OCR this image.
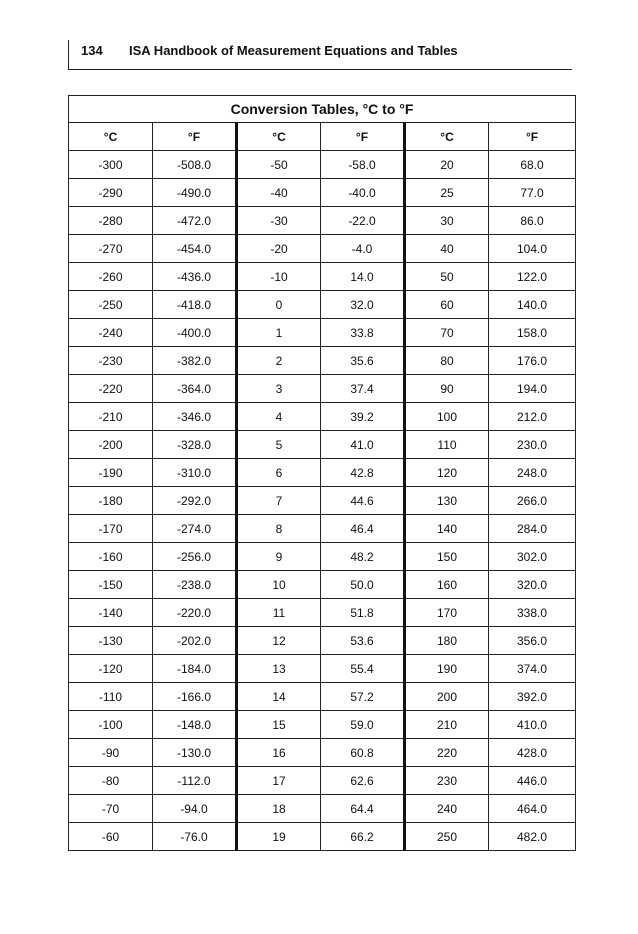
134 ISA Handbook of Measurement Equations and Tables
Conversion Tables, °C to °F					
°C	°F	°C	°F	°C	°F
-300	-508.0	-50	-58.0	20	68.0
-290	-490.0	-40	-40.0	25	77.0
-280	-472.0	-30	-22.0	30	86.0
-270	-454.0	-20	-4.0	40	104.0
-260	-436.0	-10	14.0	50	122.0
-250	-418.0	0	32.0	60	140.0
-240	-400.0	1	33.8	70	158.0
-230	-382.0	2	35.6	80	176.0
-220	-364.0	3	37.4	90	194.0
-210	-346.0	4	39.2	100	212.0
-200	-328.0	5	41.0	110	230.0
-190	-310.0	6	42.8	120	248.0
-180	-292.0	7	44.6	130	266.0
-170	-274.0	8	46.4	140	284.0
-160	-256.0	9	48.2	150	302.0
-150	-238.0	10	50.0	160	320.0
-140	-220.0	11	51.8	170	338.0
-130	-202.0	12	53.6	180	356.0
-120	-184.0	13	55.4	190	374.0
-110	-166.0	14	57.2	200	392.0
-100	-148.0	15	59.0	210	410.0
-90	-130.0	16	60.8	220	428.0
-80	-112.0	17	62.6	230	446.0
-70	-94.0	18	64.4	240	464.0
-60	-76.0	19	66.2	250	482.0
